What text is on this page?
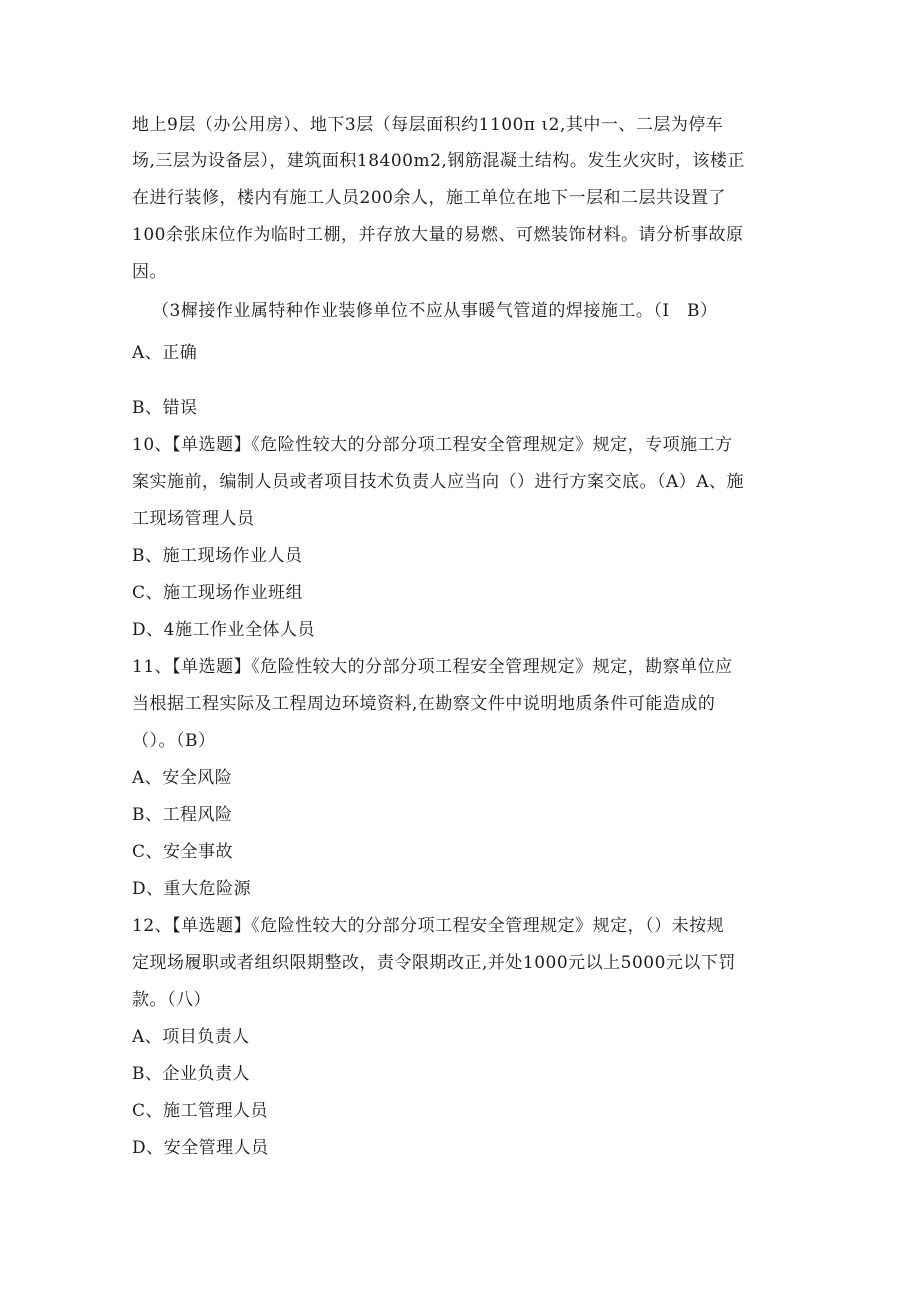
地上9层（办公用房）、地下3层（每层面积约1100π ι2,其中一、二层为停车
场,三层为设备层），建筑面积18400m2,钢筋混凝土结构。发生火灾时，该楼正
在进行装修，楼内有施工人员200余人，施工单位在地下一层和二层共设置了
100余张床位作为临时工棚，并存放大量的易燃、可燃装饰材料。请分析事故原
因。
（3樨接作业属特种作业装修单位不应从事暖气管道的焊接施工。（I　B）
A、正确
B、错误
10、【单选题】《危险性较大的分部分项工程安全管理规定》规定，专项施工方
案实施前，编制人员或者项目技术负责人应当向（）进行方案交底。（A）A、施
工现场管理人员
B、施工现场作业人员
C、施工现场作业班组
D、4施工作业全体人员
11、【单选题】《危险性较大的分部分项工程安全管理规定》规定，勘察单位应
当根据工程实际及工程周边环境资料,在勘察文件中说明地质条件可能造成的
（）。（B）
A、安全风险
B、工程风险
C、安全事故
D、重大危险源
12、【单选题】《危险性较大的分部分项工程安全管理规定》规定，（）未按规
定现场履职或者组织限期整改，责令限期改正,并处1000元以上5000元以下罚
款。（八）
A、项目负责人
B、企业负责人
C、施工管理人员
D、安全管理人员
